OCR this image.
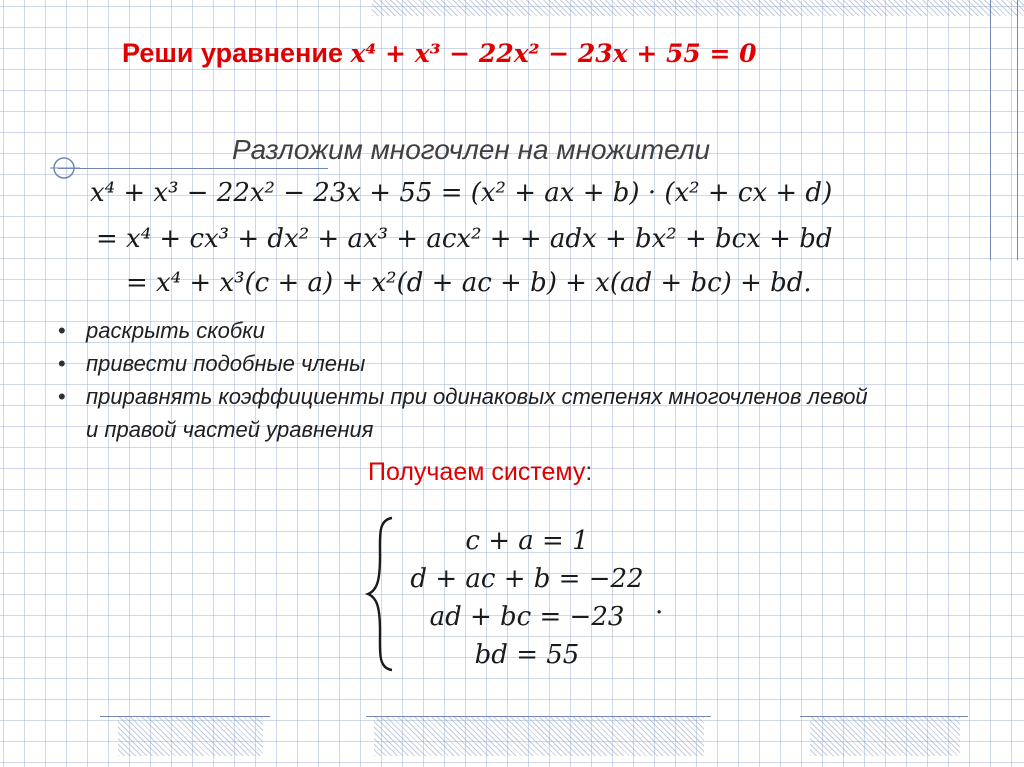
Реши уравнение x⁴ + x³ − 22x² − 23x + 55 = 0
Разложим многочлен на множители
x⁴ + x³ − 22x² − 23x + 55 = (x² + ax + b) · (x² + cx + d)
= x⁴ + cx³ + dx² + ax³ + acx² + + adx + bx² + bcx + bd
= x⁴ + x³(c + a) + x²(d + ac + b) + x(ad + bc) + bd.
• раскрыть скобки
• привести подобные члены
• приравнять коэффициенты при одинаковых степенях многочленов левой и правой частей уравнения
Получаем систему:
c + a = 1
d + ac + b = −22
ad + bc = −23
bd = 55
.
